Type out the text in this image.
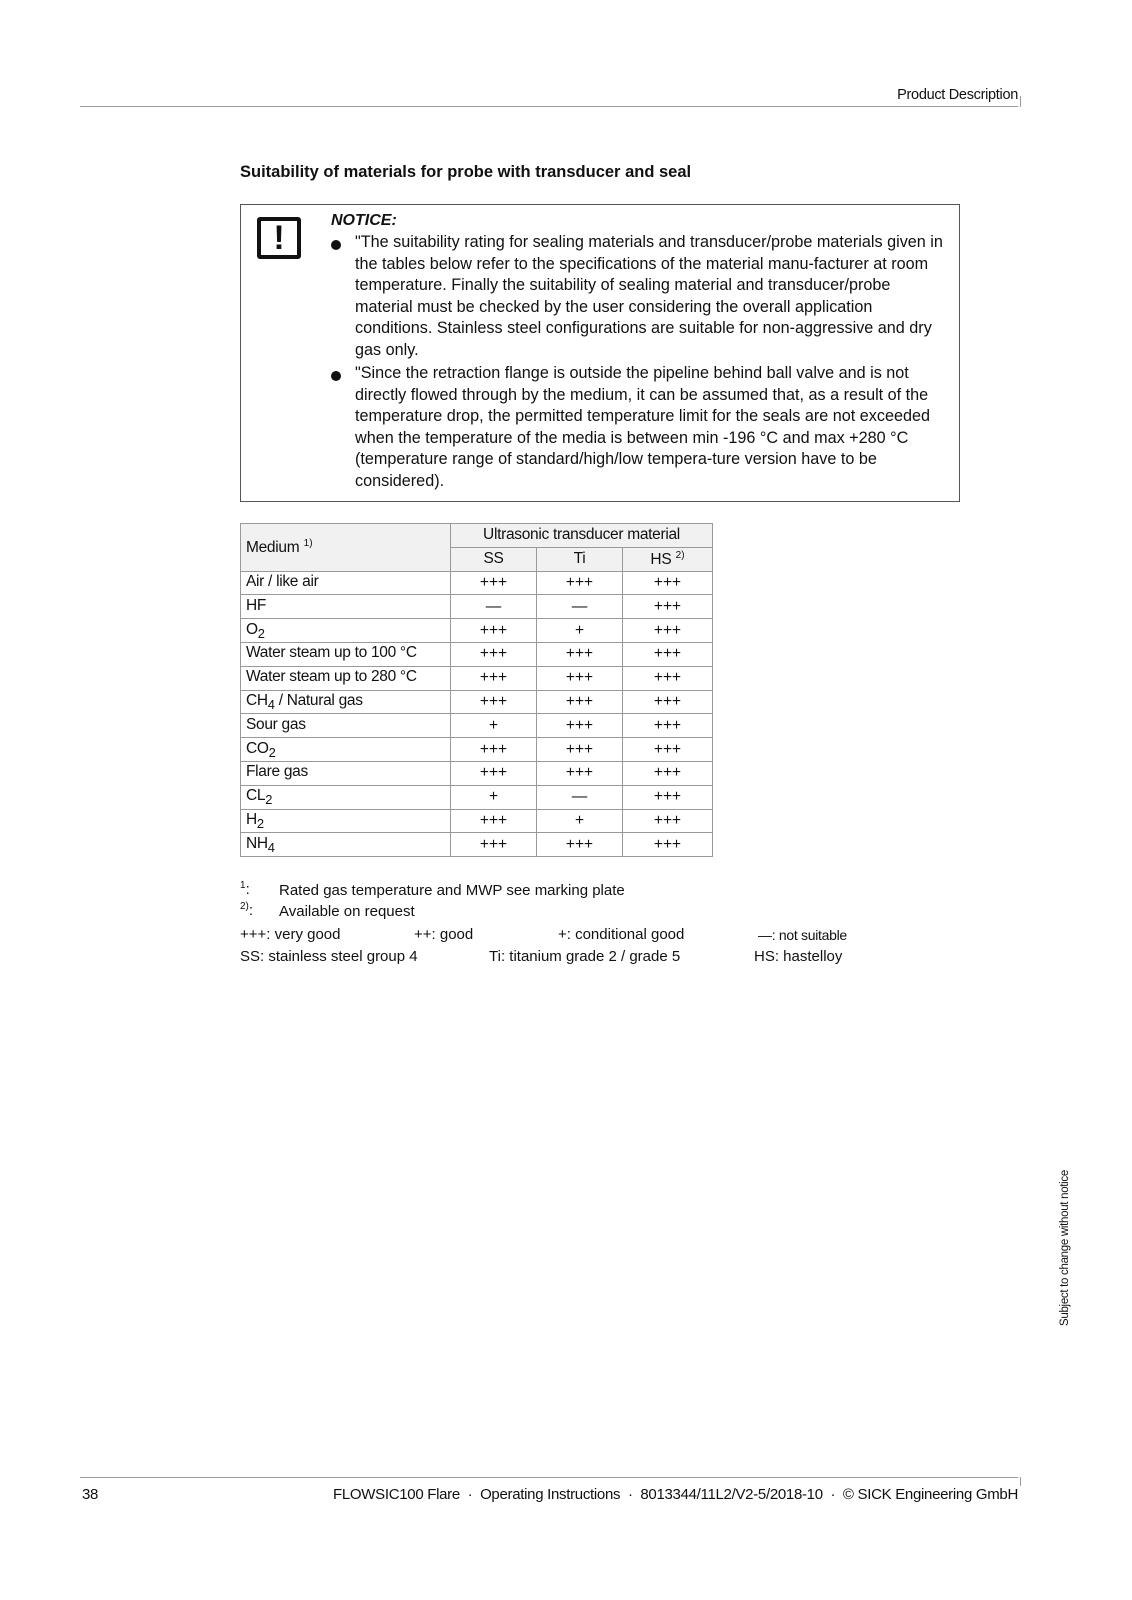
Product Description
Suitability of materials for probe with transducer and seal
!	NOTICE:
"The suitability rating for sealing materials and transducer/probe materials given in the tables below refer to the specifications of the material manu-facturer at room temperature. Finally the suitability of sealing material and transducer/probe material must be checked by the user considering the overall application conditions. Stainless steel configurations are suitable for non-aggressive and dry gas only.
"Since the retraction flange is outside the pipeline behind ball valve and is not directly flowed through by the medium, it can be assumed that, as a result of the temperature drop, the permitted temperature limit for the seals are not exceeded when the temperature of the media is between min -196 °C and max +280 °C (temperature range of standard/high/low tempera-ture version have to be considered).
Medium $^{1)}$	Ultrasonic transducer material		
	SS	Ti	HS $^{2)}$
Air / like air	+++	+++	+++
HF	—	—	+++
$O_2$	+++	+	+++
Water steam up to 100 °C	+++	+++	+++
Water steam up to 280 °C	+++	+++	+++
$CH_4$ / Natural gas	+++	+++	+++
Sour gas	+	+++	+++
$CO_2$	+++	+++	+++
Flare gas	+++	+++	+++
$CL_2$	+	—	+++
$H_2$	+++	+	+++
$NH_4$	+++	+++	+++
$^1$: Rated gas temperature and MWP see marking plate
$^{2)}$: Available on request
+++: very good	++: good	+: conditional good	—: not suitable
SS: stainless steel group 4	Ti: titanium grade 2 / grade 5	HS: hastelloy
Subject to change without notice
38	FLOWSIC100 Flare  ·  Operating Instructions  ·  8013344/11L2/V2-5/2018-10  ·  © SICK Engineering GmbH
